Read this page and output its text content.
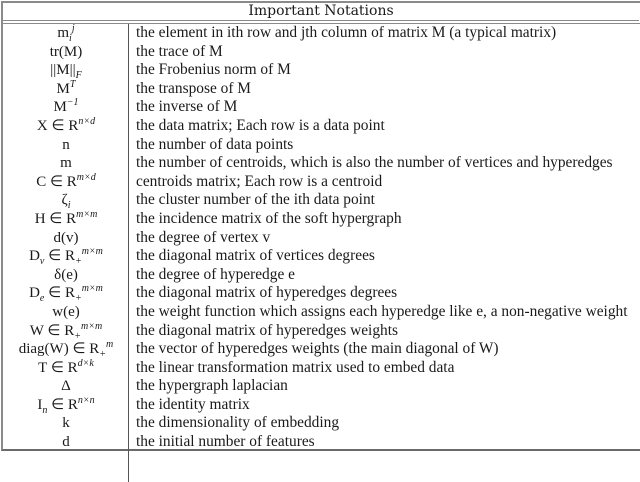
Important Notations
$m_i^j$	the element in ith row and jth column of matrix M (a typical matrix)
tr(M)	the trace of M
$||M||_F$	the Frobenius norm of M
$M^T$	the transpose of M
$M^{-1}$	the inverse of M
X ∈ $R^{n\times d}$	the data matrix; Each row is a data point
n	the number of data points
m	the number of centroids, which is also the number of vertices and hyperedges
C ∈ $R^{m\times d}$	centroids matrix; Each row is a centroid
$\zeta_i$	the cluster number of the ith data point
H ∈ $R^{m\times m}$	the incidence matrix of the soft hypergraph
d(v)	the degree of vertex v
$D_v$ ∈ $R_+^{m\times m}$	the diagonal matrix of vertices degrees
δ(e)	the degree of hyperedge e
$D_e$ ∈ $R_+^{m\times m}$	the diagonal matrix of hyperedges degrees
w(e)	the weight function which assigns each hyperedge like e, a non-negative weight
W ∈ $R_+^{m\times m}$	the diagonal matrix of hyperedges weights
diag(W) ∈ $R_+^m$	the vector of hyperedges weights (the main diagonal of W)
T ∈ $R^{d\times k}$	the linear transformation matrix used to embed data
Δ	the hypergraph laplacian
$I_n$ ∈ $R^{n\times n}$	the identity matrix
k	the dimensionality of embedding
d	the initial number of features
